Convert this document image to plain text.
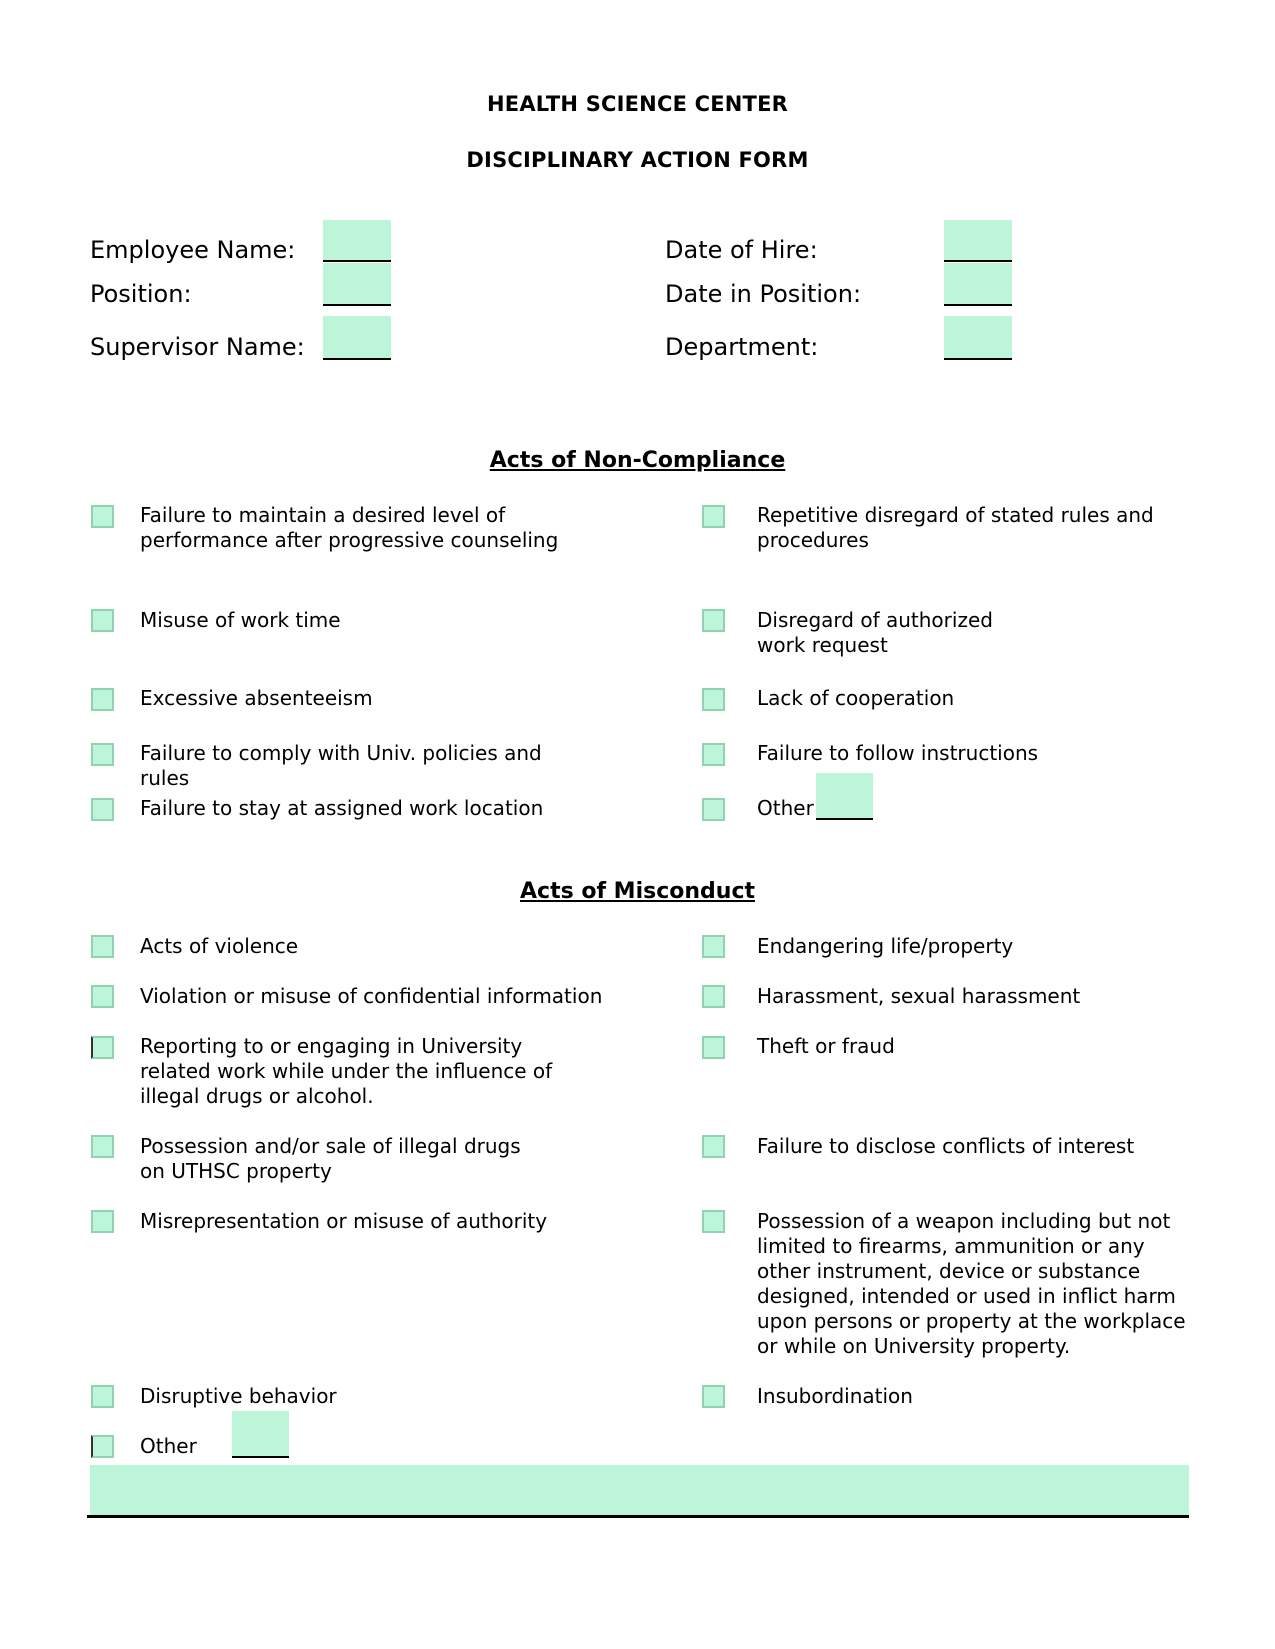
HEALTH SCIENCE CENTER
DISCIPLINARY ACTION FORM
Employee Name:
Position:
Supervisor Name:
Date of Hire:
Date in Position:
Department:
Acts of Non-Compliance
Failure to maintain a desired level of performance after progressive counseling
Misuse of work time
Excessive absenteeism
Failure to comply with Univ. policies and rules
Failure to stay at assigned work location
Repetitive disregard of stated rules and procedures
Disregard of authorized work request
Lack of cooperation
Failure to follow instructions
Other
Acts of Misconduct
Acts of violence
Violation or misuse of confidential information
Reporting to or engaging in University related work while under the influence of illegal drugs or alcohol.
Possession and/or sale of illegal drugs on UTHSC property
Misrepresentation or misuse of authority
Disruptive behavior
Other
Endangering life/property
Harassment, sexual harassment
Theft or fraud
Failure to disclose conflicts of interest
Possession of a weapon including but not limited to firearms, ammunition or any other instrument, device or substance designed, intended or used in inflict harm upon persons or property at the workplace or while on University property.
Insubordination
